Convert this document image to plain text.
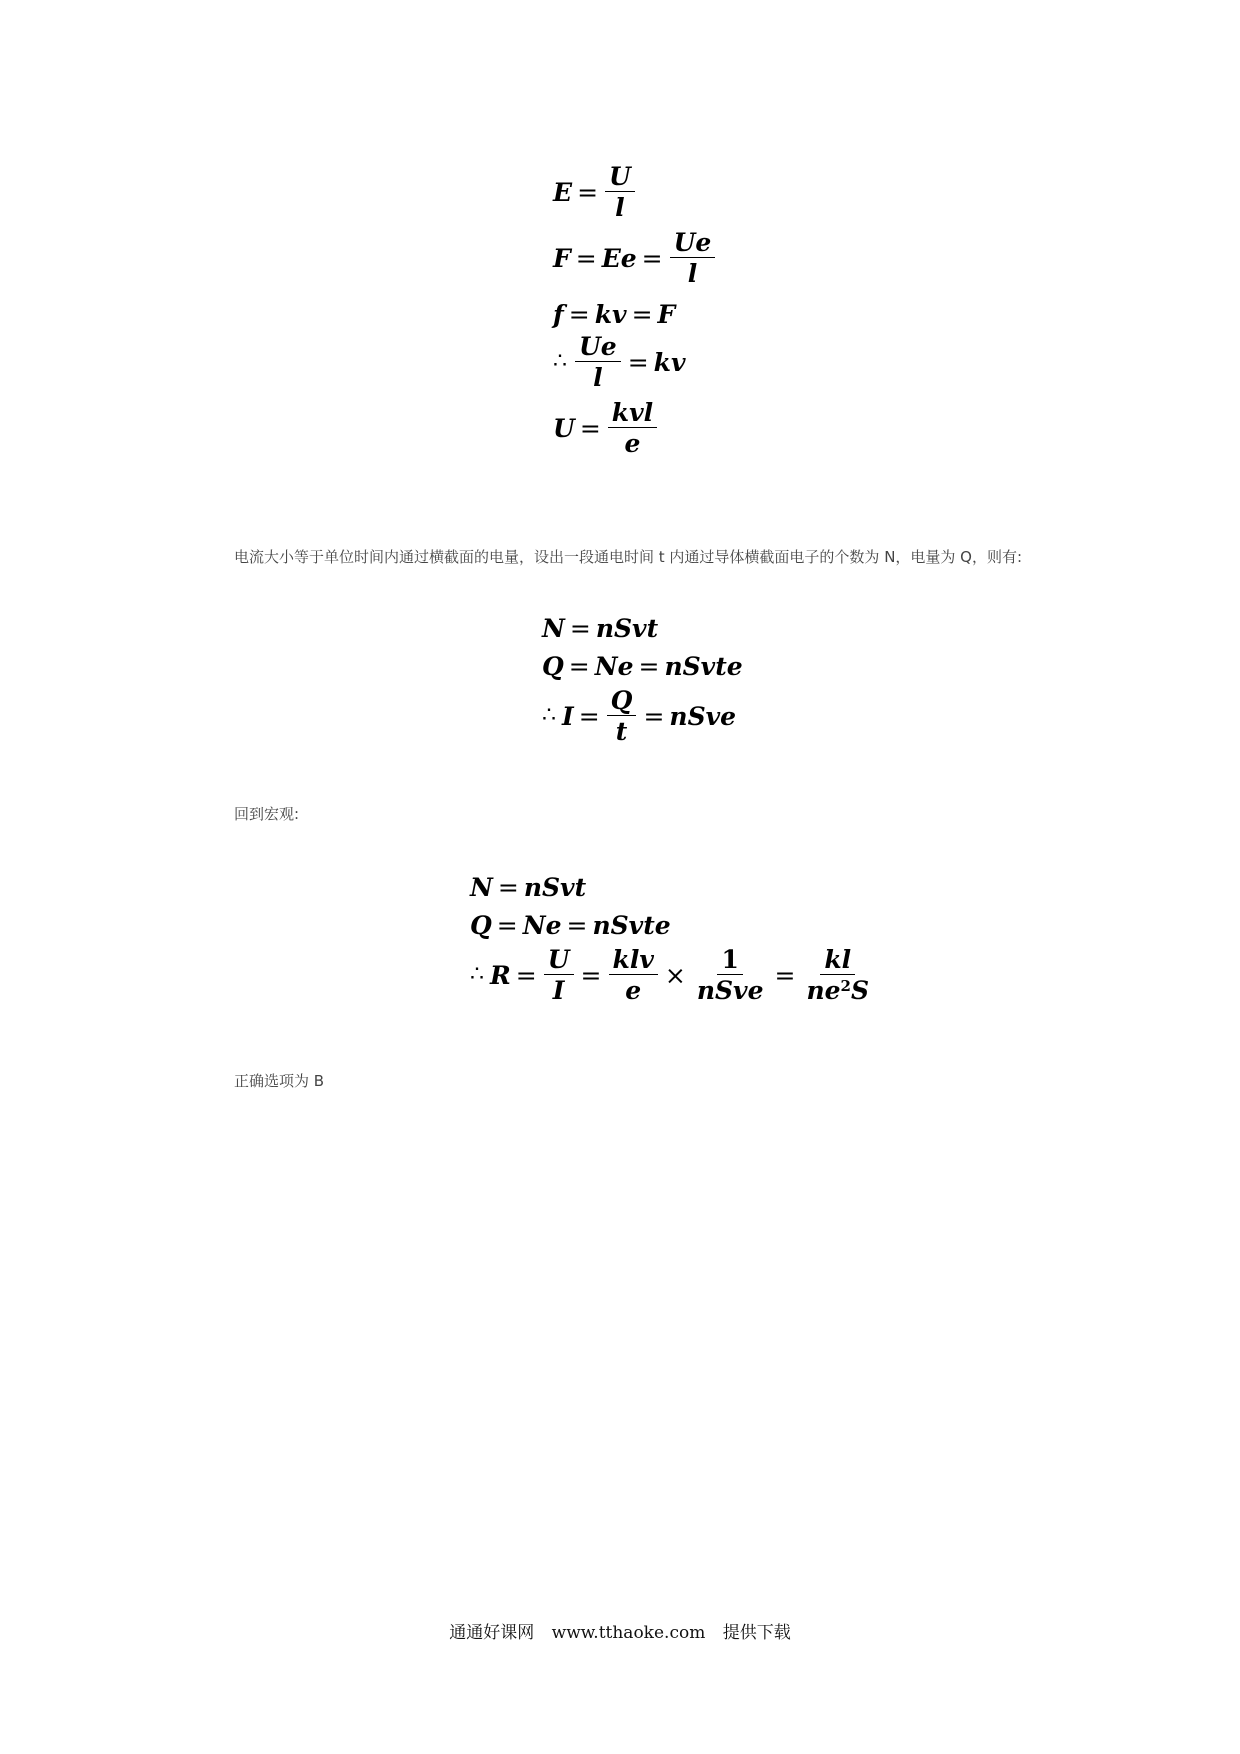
$E = \frac{U}{l}$
$F = Ee = \frac{Ue}{l}$
f = kv = F
∴ $\frac{Ue}{l}$ = kv
$U = \frac{\text{kvl}}{e}$
电流大小等于单位时间内通过横截面的电量，设出一段通电时间 t 内通过导体横截面电子的个数为 N，电量为 Q，则有:
N = nSvt
Q = Ne = nSvte
∴ $I = \frac{Q}{t}$ = nSve
回到宏观:
N = nSvt
Q = Ne = nSvte
∴ $R = \frac{U}{I} = \frac{\text{klv}}{e} \times \frac{1}{\text{nSve}} = \frac{kl}{ne^2S}$
正确选项为 B
通通好课网 www.tthaoke.com 提供下载
